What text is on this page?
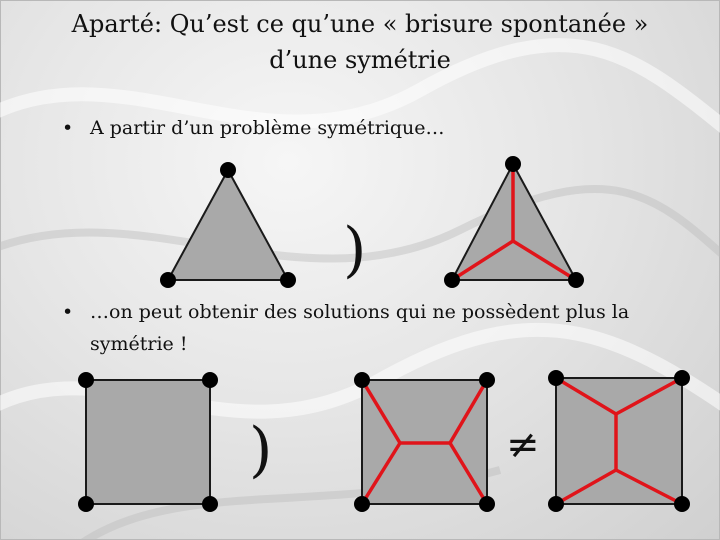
Aparté: Qu’est ce qu’une « brisure spontanée »
d’une symétrie
• A partir d’un problème symétrique…
• …on peut obtenir des solutions qui ne possèdent plus la symétrie !
)
)	≠
